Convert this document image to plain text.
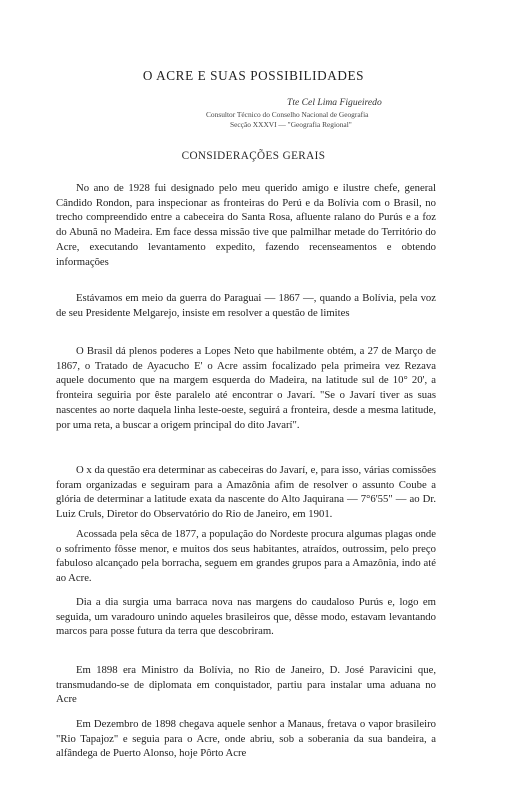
O ACRE E SUAS POSSIBILIDADES
Tte Cel Lima Figueiredo
Consultor Técnico do Conselho Nacional de Geografia
Secção XXXVI — "Geografia Regional"
CONSIDERAÇÕES GERAIS

No ano de 1928 fui designado pelo meu querido amigo e ilustre chefe, general Cândido Rondon, para inspecionar as fronteiras do Perú e da Bolívia com o Brasil, no trecho compreendido entre a cabeceira do Santa Rosa, afluente ralano do Purús e a foz do Abunã no Madeira. Em face dessa missão tive que palmilhar metade do Território do Acre, executando levantamento expedito, fazendo recenseamentos e obtendo informações

Estávamos em meio da guerra do Paraguai — 1867 —, quando a Bolívia, pela voz de seu Presidente Melgarejo, insiste em resolver a questão de limites

O Brasil dá plenos poderes a Lopes Neto que habilmente obtém, a 27 de Março de 1867, o Tratado de Ayacucho E' o Acre assim focalizado pela primeira vez Rezava aquele documento que na margem esquerda do Madeira, na latitude sul de 10° 20', a fronteira seguiria por êste paralelo até encontrar o Javarí. "Se o Javarí tiver as suas nascentes ao norte daquela linha leste-oeste, seguirá a fronteira, desde a mesma latitude, por uma reta, a buscar a origem principal do dito Javarí".

O x da questão era determinar as cabeceiras do Javarí, e, para isso, várias comissões foram organizadas e seguiram para a Amazônia afim de resolver o assunto Coube a glória de determinar a latitude exata da nascente do Alto Jaquirana — 7°6'55" — ao Dr. Luiz Cruls, Diretor do Observatório do Rio de Janeiro, em 1901.

Acossada pela sêca de 1877, a população do Nordeste procura algumas plagas onde o sofrimento fôsse menor, e muitos dos seus habitantes, atraídos, outrossim, pelo preço fabuloso alcançado pela borracha, seguem em grandes grupos para a Amazônia, indo até ao Acre.

Dia a dia surgia uma barraca nova nas margens do caudaloso Purús e, logo em seguida, um varadouro unindo aqueles brasileiros que, dêsse modo, estavam levantando marcos para posse futura da terra que descobriram.

Em 1898 era Ministro da Bolívia, no Rio de Janeiro, D. José Paravicini que, transmudando-se de diplomata em conquistador, partiu para instalar uma aduana no Acre

Em Dezembro de 1898 chegava aquele senhor a Manaus, fretava o vapor brasileiro "Rio Tapajoz" e seguia para o Acre, onde abriu, sob a soberania da sua bandeira, a alfândega de Puerto Alonso, hoje Pôrto Acre
